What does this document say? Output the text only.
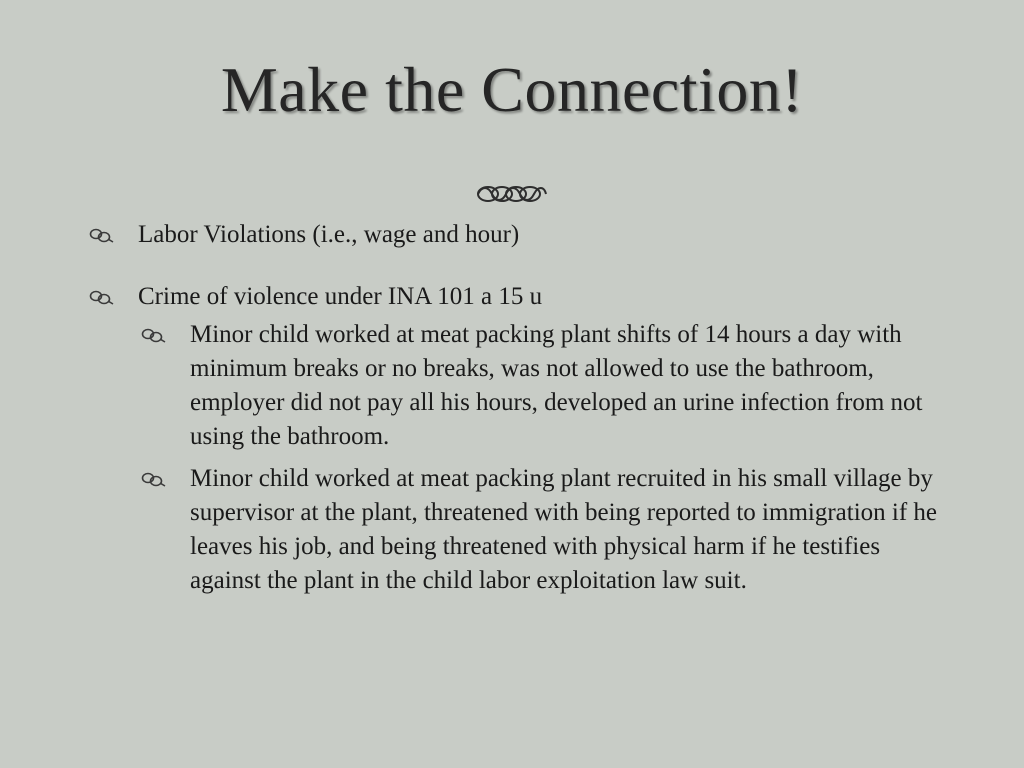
Make the Connection!
Labor Violations (i.e., wage and hour)
Crime of violence under INA 101 a 15 u
Minor child worked at meat packing plant shifts of 14 hours a day with minimum breaks or no breaks, was not allowed to use the bathroom, employer did not pay all his hours, developed an urine infection from not using the bathroom.
Minor child worked at meat packing plant recruited in his small village by supervisor at the plant, threatened with being reported to immigration if he leaves his job, and being threatened with physical harm if he testifies against the plant in the child labor exploitation law suit.
